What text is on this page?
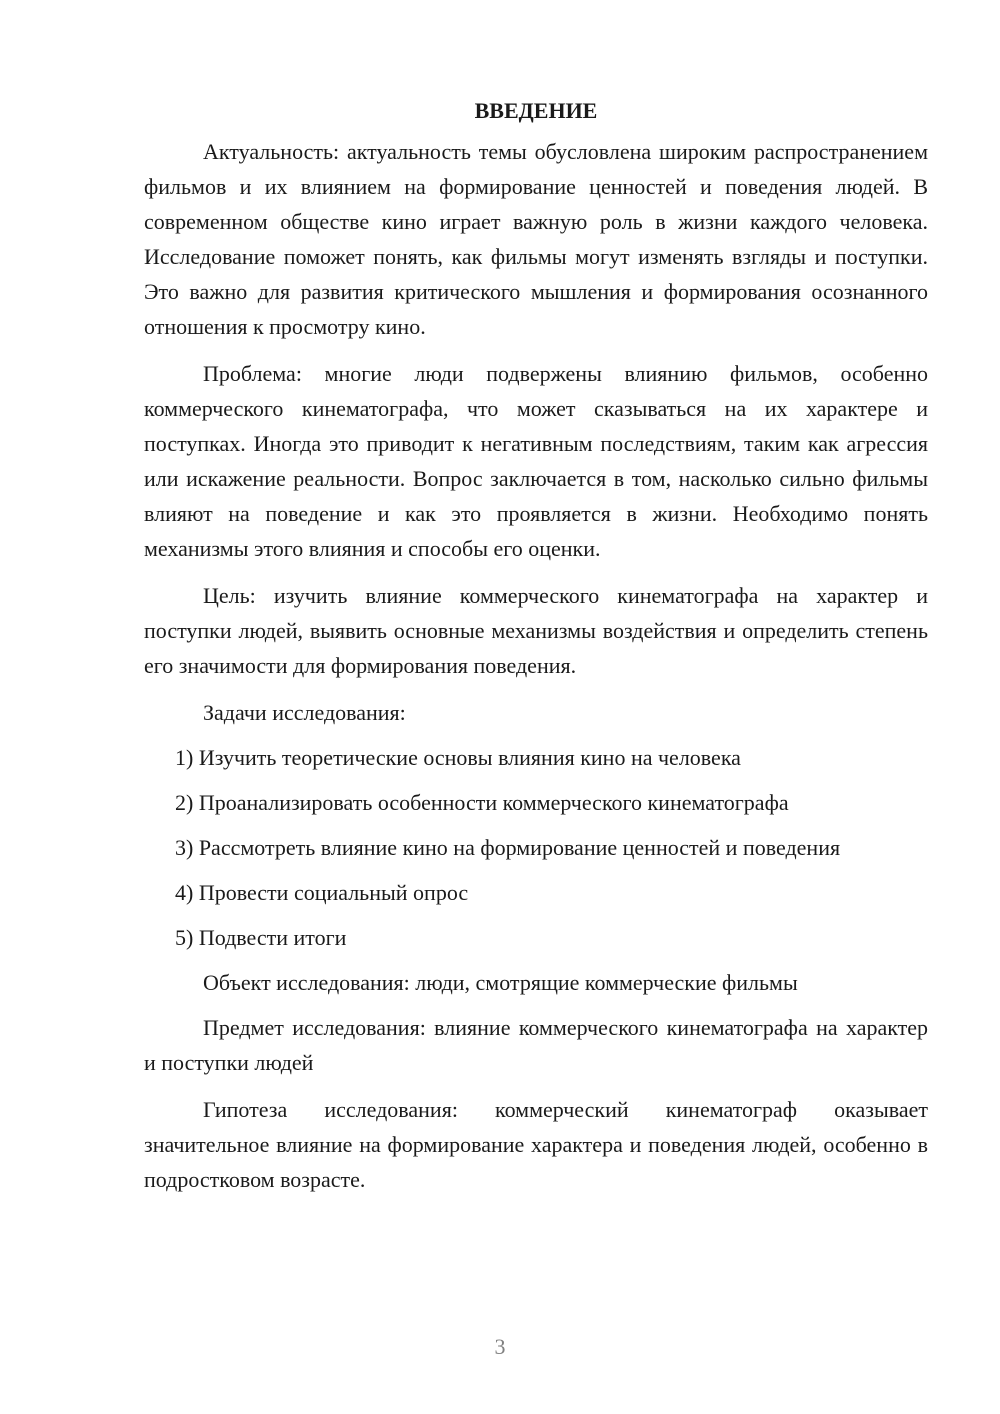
ВВЕДЕНИЕ

Актуальность: актуальность темы обусловлена широким распространением фильмов и их влиянием на формирование ценностей и поведения людей. В современном обществе кино играет важную роль в жизни каждого человека. Исследование поможет понять, как фильмы могут изменять взгляды и поступки. Это важно для развития критического мышления и формирования осознанного отношения к просмотру кино.

Проблема: многие люди подвержены влиянию фильмов, особенно коммерческого кинематографа, что может сказываться на их характере и поступках. Иногда это приводит к негативным последствиям, таким как агрессия или искажение реальности. Вопрос заключается в том, насколько сильно фильмы влияют на поведение и как это проявляется в жизни. Необходимо понять механизмы этого влияния и способы его оценки.

Цель: изучить влияние коммерческого кинематографа на характер и поступки людей, выявить основные механизмы воздействия и определить степень его значимости для формирования поведения.

Задачи исследования:

1) Изучить теоретические основы влияния кино на человека
2) Проанализировать особенности коммерческого кинематографа
3) Рассмотреть влияние кино на формирование ценностей и поведения
4) Провести социальный опрос
5) Подвести итоги

Объект исследования: люди, смотрящие коммерческие фильмы

Предмет исследования: влияние коммерческого кинематографа на характер и поступки людей

Гипотеза исследования: коммерческий кинематограф оказывает значительное влияние на формирование характера и поведения людей, особенно в подростковом возрасте.

3
